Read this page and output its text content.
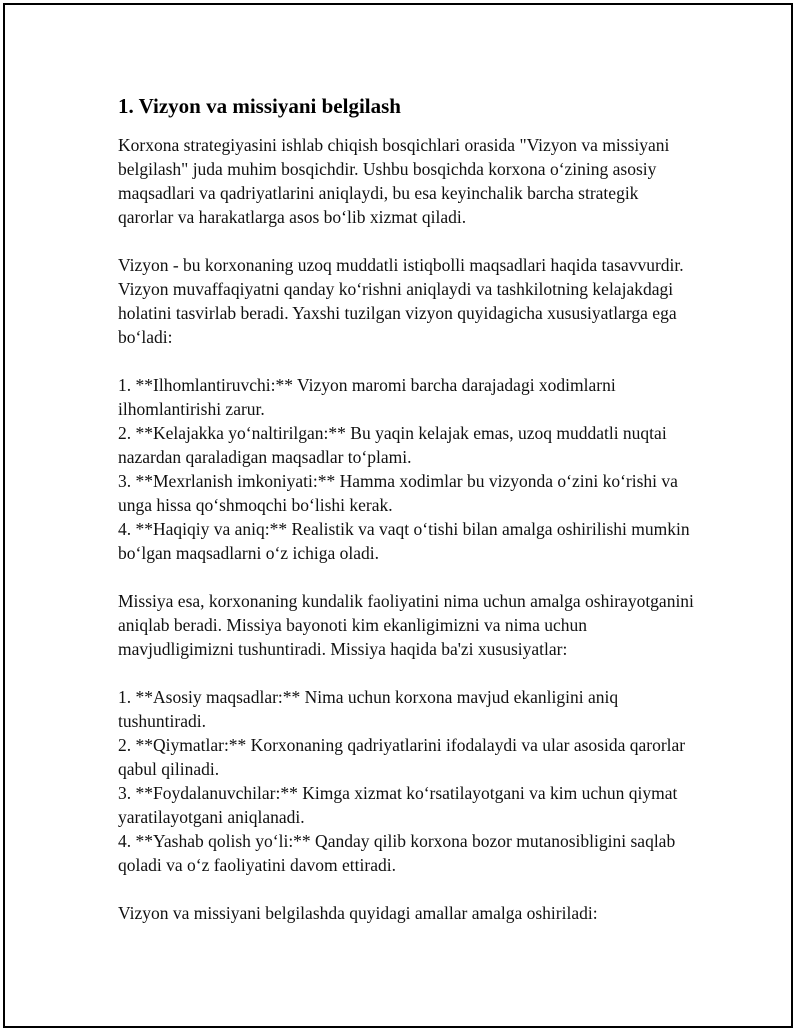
1. Vizyon va missiyani belgilash

Korxona strategiyasini ishlab chiqish bosqichlari orasida "Vizyon va missiyani belgilash" juda muhim bosqichdir. Ushbu bosqichda korxona o‘zining asosiy maqsadlari va qadriyatlarini aniqlaydi, bu esa keyinchalik barcha strategik qarorlar va harakatlarga asos bo‘lib xizmat qiladi.

Vizyon - bu korxonaning uzoq muddatli istiqbolli maqsadlari haqida tasavvurdir. Vizyon muvaffaqiyatni qanday ko‘rishni aniqlaydi va tashkilotning kelajakdagi holatini tasvirlab beradi. Yaxshi tuzilgan vizyon quyidagicha xususiyatlarga ega bo‘ladi:

1. **Ilhomlantiruvchi:** Vizyon maromi barcha darajadagi xodimlarni ilhomlantirishi zarur.
2. **Kelajakka yo‘naltirilgan:** Bu yaqin kelajak emas, uzoq muddatli nuqtai nazardan qaraladigan maqsadlar to‘plami.
3. **Mexrlanish imkoniyati:** Hamma xodimlar bu vizyonda o‘zini ko‘rishi va unga hissa qo‘shmoqchi bo‘lishi kerak.
4. **Haqiqiy va aniq:** Realistik va vaqt o‘tishi bilan amalga oshirilishi mumkin bo‘lgan maqsadlarni o‘z ichiga oladi.

Missiya esa, korxonaning kundalik faoliyatini nima uchun amalga oshirayotganini aniqlab beradi. Missiya bayonoti kim ekanligimizni va nima uchun mavjudligimizni tushuntiradi. Missiya haqida ba'zi xususiyatlar:

1. **Asosiy maqsadlar:** Nima uchun korxona mavjud ekanligini aniq tushuntiradi.
2. **Qiymatlar:** Korxonaning qadriyatlarini ifodalaydi va ular asosida qarorlar qabul qilinadi.
3. **Foydalanuvchilar:** Kimga xizmat ko‘rsatilayotgani va kim uchun qiymat yaratilayotgani aniqlanadi.
4. **Yashab qolish yo‘li:** Qanday qilib korxona bozor mutanosibligini saqlab qoladi va o‘z faoliyatini davom ettiradi.

Vizyon va missiyani belgilashda quyidagi amallar amalga oshiriladi:
